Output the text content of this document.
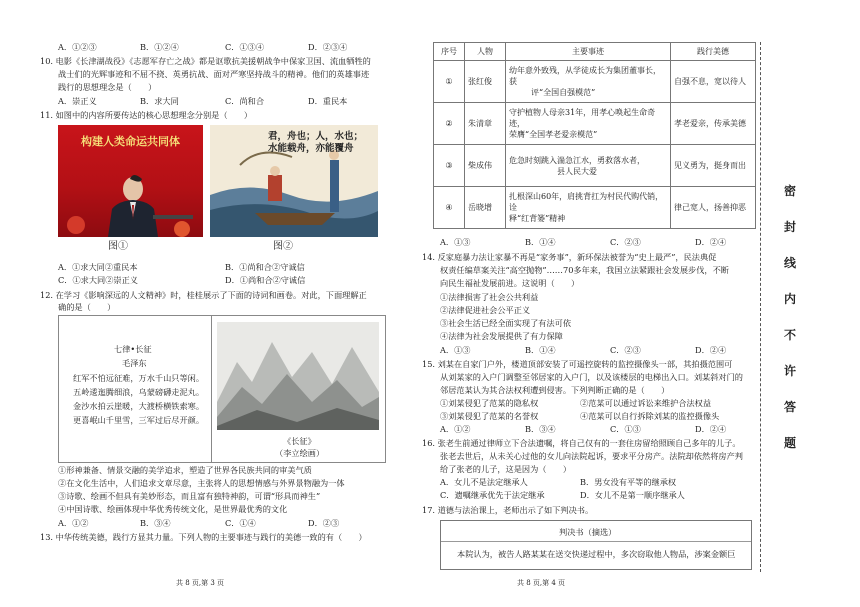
A．①②③	B．①②④	C．①③④	D．②③④
10. 电影《长津湖战役》《志愿军存亡之战》都是讴歌抗美援朝战争中保家卫国、流血牺牲的
战士们的光辉事迹和不屈不挠、英勇抗战、面对严寒坚持战斗的精神。他们的英雄事迹
践行的思想理念是（　　）
A．崇正义	B．求大同	C．尚和合	D．重民本
11. 如图中的内容所要传达的核心思想理念分别是（　　）
构建人类命运共同体
图①
君，舟也；人，水也；
水能载舟，亦能覆舟
图②
A．①求大同②重民本	B．①尚和合②守诚信
C．①求大同②崇正义	D．①尚和合②守诚信
12. 在学习《影响深远的人文精神》时，桂桂展示了下面的诗词和画卷。对此，下面理解正
确的是（　　）
七律•长征
毛泽东
红军不怕远征难，万水千山只等闲。
五岭逶迤腾细浪，乌蒙磅礴走泥丸。
金沙水拍云崖暖，大渡桥横铁索寒。
更喜岷山千里雪，三军过后尽开颜。
《长征》
（李立绘画）
①形神兼备、情景交融的美学追求，塑造了世界各民族共同的审美气质
②在文化生活中，人们追求文章尽意，主张将人的思想情感与外界景物融为一体
③诗歌、绘画不但具有美妙形态，而且富有独特神韵，可谓“形具而神生”
④中国诗歌、绘画体现中华优秀传统文化，是世界最优秀的文化
A．①②	B．③④	C．①④	D．②③
13. 中华传统美德，践行方显其力量。下列人物的主要事迹与践行的美德一致的有（　　）
共 8 页,第 3 页
序号	人物	主要事迹	践行美德
①	张红俊	幼年意外致残，从学徒成长为集团董事长，获
评“全国自强模范”	自强不息，宽以待人
②	朱清章	守护植物人母亲31年，用孝心唤起生命奇迹，
荣膺“全国孝老爱亲模范”	孝老爱亲，传承美德
③	柴成伟	危急时刻跳入湍急江水，勇救落水者，
县人民大爱	见义勇为，挺身而出
④	岳晓增	扎根深山60年，肩挑背扛为村民代购代销，诠
释“红背篓”精神	律己宽人，扬善抑恶
A．①③	B．①④	C．②③	D．②④
14. 反家庭暴力法让家暴不再是“家务事”，新环保法被誉为“史上最严”，民法典促
权责任编草案关注“高空抛物”……70多年来，我国立法紧跟社会发展步伐，不断
向民生福祉发展前进。这说明（　　）
①法律损害了社会公共利益
②法律促进社会公平正义
③社会生活已经全面实现了有法可依
④法律为社会发展提供了有力保障
A．①③	B．①④	C．②③	D．②④
15. 刘某在自家门户外，楼道顶部安装了可遥控旋转的监控摄像头一部，其拍摄范围可
从刘某家的入户门调整至邻居家的入户门，以及该楼层的电梯出入口。刘某斜对门的
邻居范某认为其合法权利遭到侵害。下列判断正确的是（　　）
①刘某侵犯了范某的隐私权	②范某可以通过诉讼来维护合法权益
③刘某侵犯了范某的名誉权	④范某可以自行拆除刘某的监控摄像头
A．①②	B．③④	C．①③	D．②④
16. 张老生前通过律师立下合法遗嘱，将自己仅有的一套住房留给照顾自己多年的儿子。
张老去世后，从未关心过他的女儿向法院起诉，要求平分房产。法院却依然将房产判
给了张老的儿子，这是因为（　　）
A．女儿不是法定继承人	B．男女没有平等的继承权
C．遗嘱继承优先于法定继承	D．女儿不是第一顺序继承人
17. 道德与法治课上，老师出示了如下判决书。
判决书（摘选）
本院认为，被告人路某某在送交快递过程中，多次窃取他人物品，涉案金额巨
共 8 页,第 4 页
密
封
线
内
不
许
答
题
